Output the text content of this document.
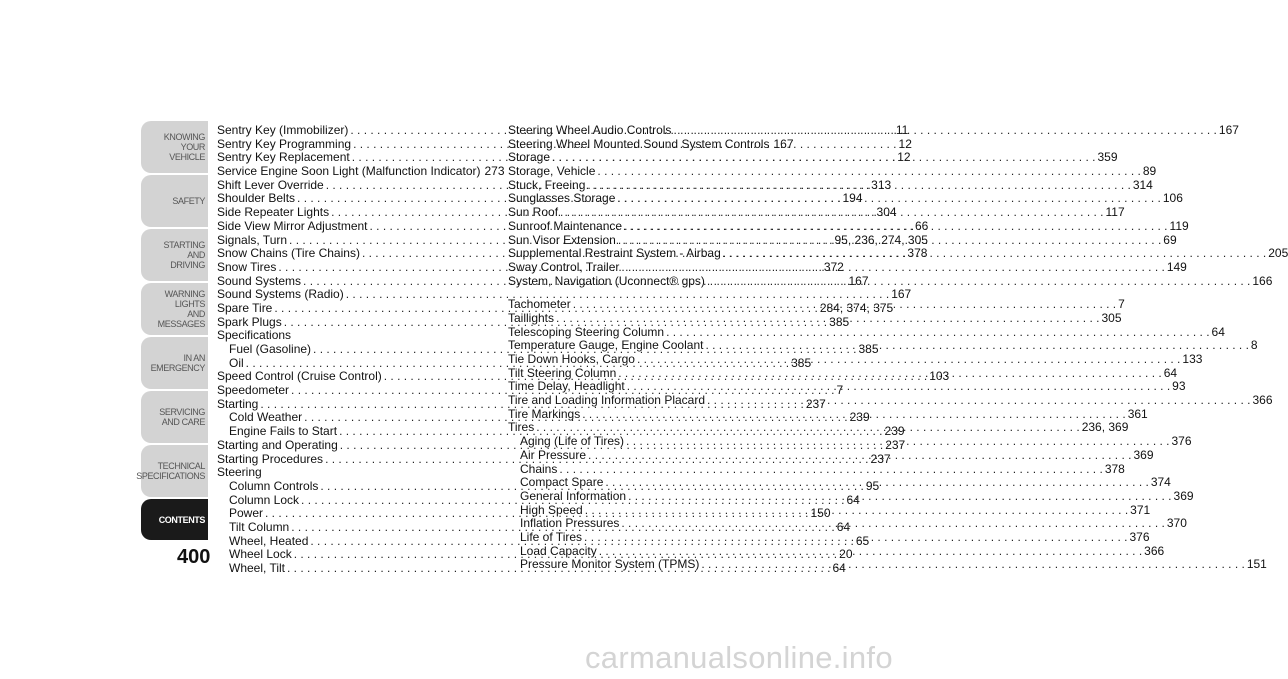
KNOWING
YOUR
VEHICLE
SAFETY
STARTING
AND
DRIVING
WARNING
LIGHTS
AND
MESSAGES
IN AN
EMERGENCY
SERVICING
AND CARE
TECHNICAL
SPECIFICATIONS
CONTENTS
400
Sentry Key (Immobilizer) . . .	11
Sentry Key Programming . . .	12
Sentry Key Replacement . . .	12
Service Engine Soon Light (Malfunction Indicator) 273
Shift Lever Override . . .	313
Shoulder Belts . . .	194
Side Repeater Lights . . .	304
Side View Mirror Adjustment . . .	66
Signals, Turn . . .	95, 236, 274, 305
Snow Chains (Tire Chains) . . .	378
Snow Tires . . .	372
Sound Systems . . .	167
Sound Systems (Radio) . . .	167
Spare Tire . . .	284, 374, 375
Spark Plugs . . .	385
Specifications
Fuel (Gasoline) . . .	385
Oil . . .	385
Speed Control (Cruise Control) . . .	103
Speedometer . . .	7
Starting . . .	237
Cold Weather . . .	239
Engine Fails to Start . . .	239
Starting and Operating . . .	237
Starting Procedures . . .	237
Steering
Column Controls . . .	95
Column Lock . . .	64
Power . . .	150
Tilt Column . . .	64
Wheel, Heated . . .	65
Wheel Lock . . .	20
Wheel, Tilt . . .	64
Steering Wheel Audio Controls . . .	167
Steering Wheel Mounted Sound System Controls 167
Storage . . .	359
Storage, Vehicle . . .	89
Stuck, Freeing . . .	314
Sunglasses Storage . . .	106
Sun Roof . . .	117
Sunroof Maintenance . . .	119
Sun Visor Extension . . .	69
Supplemental Restraint System - Airbag . . .	205
Sway Control, Trailer . . .	149
System, Navigation (Uconnect® gps) . . .	166
Tachometer . . .	7
Taillights . . .	305
Telescoping Steering Column . . .	64
Temperature Gauge, Engine Coolant . . .	8
Tie Down Hooks, Cargo . . .	133
Tilt Steering Column . . .	64
Time Delay, Headlight . . .	93
Tire and Loading Information Placard . . .	366
Tire Markings . . .	361
Tires . . .	236, 369
Aging (Life of Tires) . . .	376
Air Pressure . . .	369
Chains . . .	378
Compact Spare . . .	374
General Information . . .	369
High Speed . . .	371
Inflation Pressures . . .	370
Life of Tires . . .	376
Load Capacity . . .	366
Pressure Monitor System (TPMS) . . .	151
carmanualsonline.info
